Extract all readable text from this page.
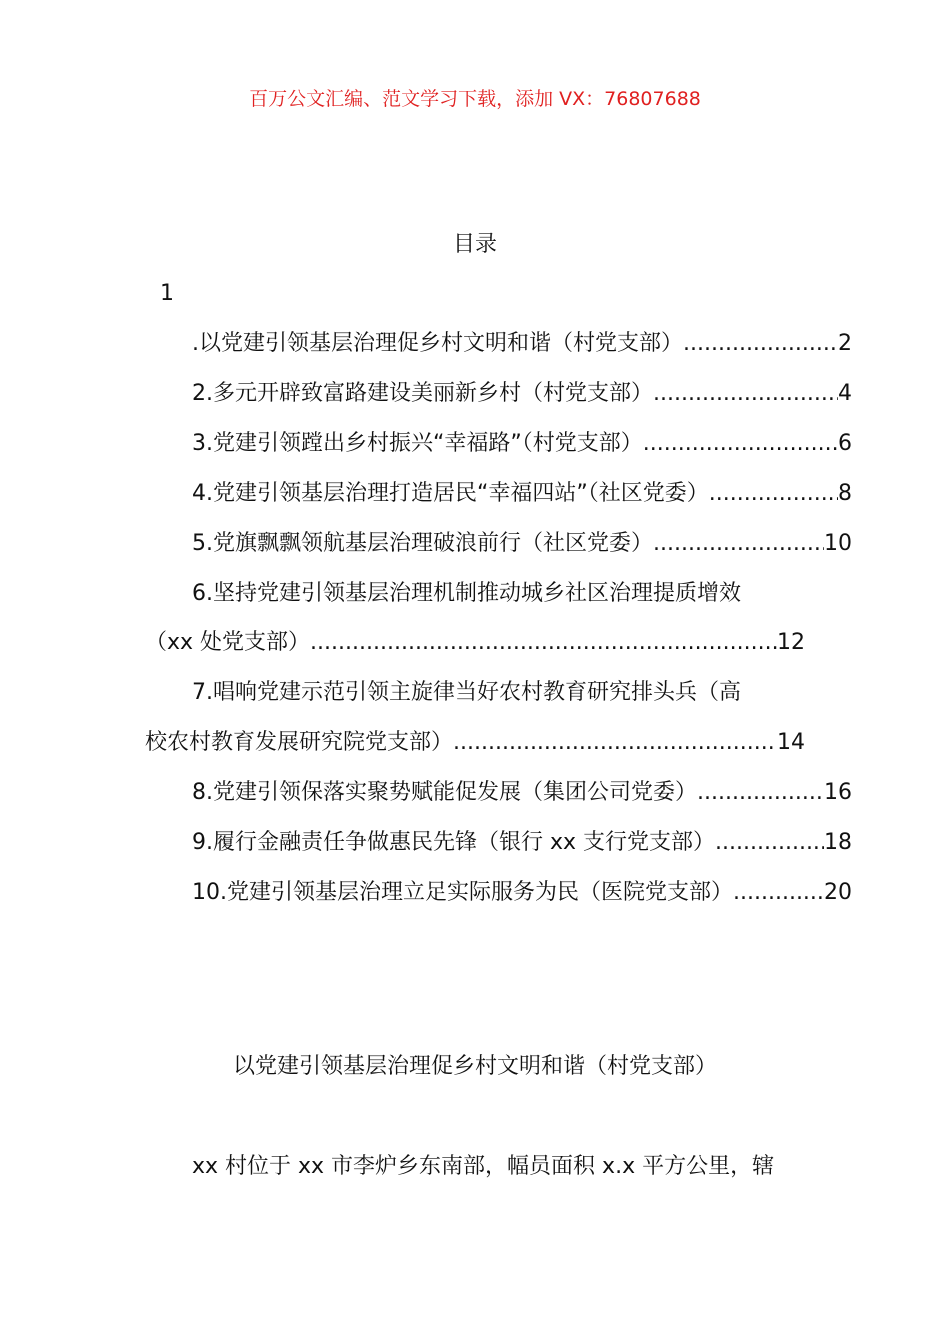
百万公文汇编、范文学习下载，添加 VX：76807688
目录
1
.以党建引领基层治理促乡村文明和谐（村党支部） .....	2
2.多元开辟致富路建设美丽新乡村（村党支部） .....	4
3.党建引领蹚出乡村振兴“幸福路”（村党支部） .....	6
4.党建引领基层治理打造居民“幸福四站”（社区党委） .....	8
5.党旗飘飘领航基层治理破浪前行（社区党委） .....	10
6.坚持党建引领基层治理机制推动城乡社区治理提质增效
（xx 处党支部） .....	12
7.唱响党建示范引领主旋律当好农村教育研究排头兵（高
校农村教育发展研究院党支部） .....	14
8.党建引领保落实聚势赋能促发展（集团公司党委） .....	16
9.履行金融责任争做惠民先锋（银行 xx 支行党支部） .....	18
10.党建引领基层治理立足实际服务为民（医院党支部） .....	20
以党建引领基层治理促乡村文明和谐（村党支部）
xx 村位于 xx 市李炉乡东南部，幅员面积 x.x 平方公里，辖
